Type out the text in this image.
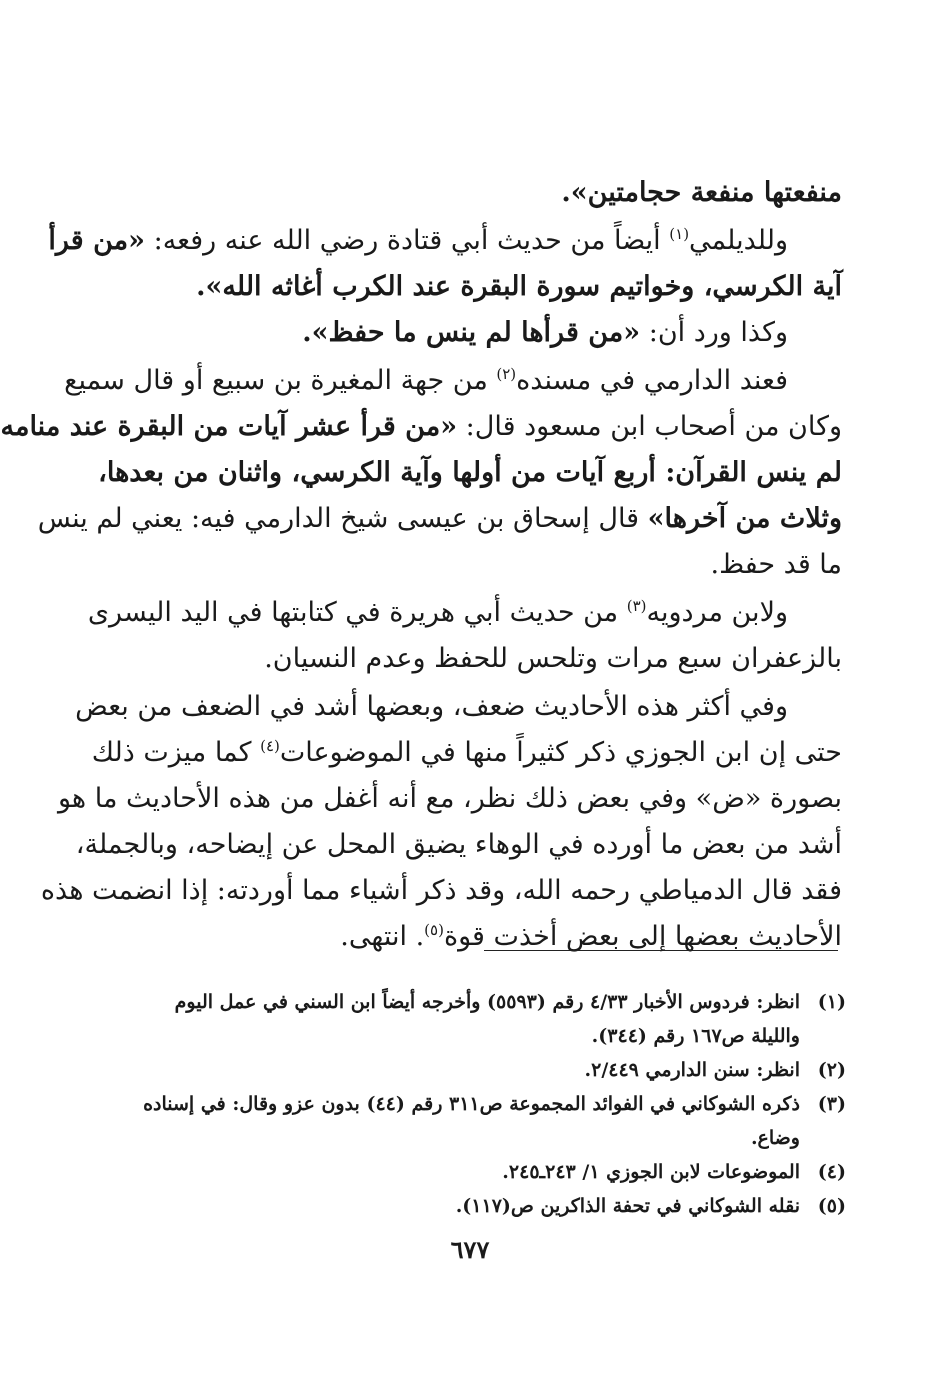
منفعتها منفعة حجامتين».

  وللديلمي$^{(١)}$ أيضاً من حديث أبي قتادة رضي الله عنه رفعه: «من قرأ

آية الكرسي، وخواتيم سورة البقرة عند الكرب أغاثه الله».

  وكذا ورد أن: «من قرأها لم ينس ما حفظ».

  فعند الدارمي في مسنده$^{(٢)}$ من جهة المغيرة بن سبيع أو قال سميع

وكان من أصحاب ابن مسعود قال: «من قرأ عشر آيات من البقرة عند منامه

لم ينس القرآن: أربع آيات من أولها وآية الكرسي، واثنان من بعدها،

وثلاث من آخرها» قال إسحاق بن عيسى شيخ الدارمي فيه: يعني لم ينس

ما قد حفظ.

  ولابن مردويه$^{(٣)}$ من حديث أبي هريرة في كتابتها في اليد اليسرى

بالزعفران سبع مرات وتلحس للحفظ وعدم النسيان.

  وفي أكثر هذه الأحاديث ضعف، وبعضها أشد في الضعف من بعض

حتى إن ابن الجوزي ذكر كثيراً منها في الموضوعات$^{(٤)}$ كما ميزت ذلك

بصورة «ض» وفي بعض ذلك نظر، مع أنه أغفل من هذه الأحاديث ما هو

أشد من بعض ما أورده في الوهاء يضيق المحل عن إيضاحه، وبالجملة،

فقد قال الدمياطي رحمه الله، وقد ذكر أشياء مما أوردته: إذا انضمت هذه

الأحاديث بعضها إلى بعض أخذت قوة$^{(٥)}$. انتهى.

(١)
انظر: فردوس الأخبار ٤/٣٣ رقم (٥٥٩٣) وأخرجه أيضاً ابن السني في عمل اليوم
والليلة ص١٦٧ رقم (٣٤٤).
(٢)
انظر: سنن الدارمي ٢/٤٤٩.
(٣)
ذكره الشوكاني في الفوائد المجموعة ص٣١١ رقم (٤٤) بدون عزو وقال: في إسناده
وضاع.
(٤)
الموضوعات لابن الجوزي ١/ ٢٤٣ـ٢٤٥.
(٥)
نقله الشوكاني في تحفة الذاكرين ص(١١٧).
٦٧٧
